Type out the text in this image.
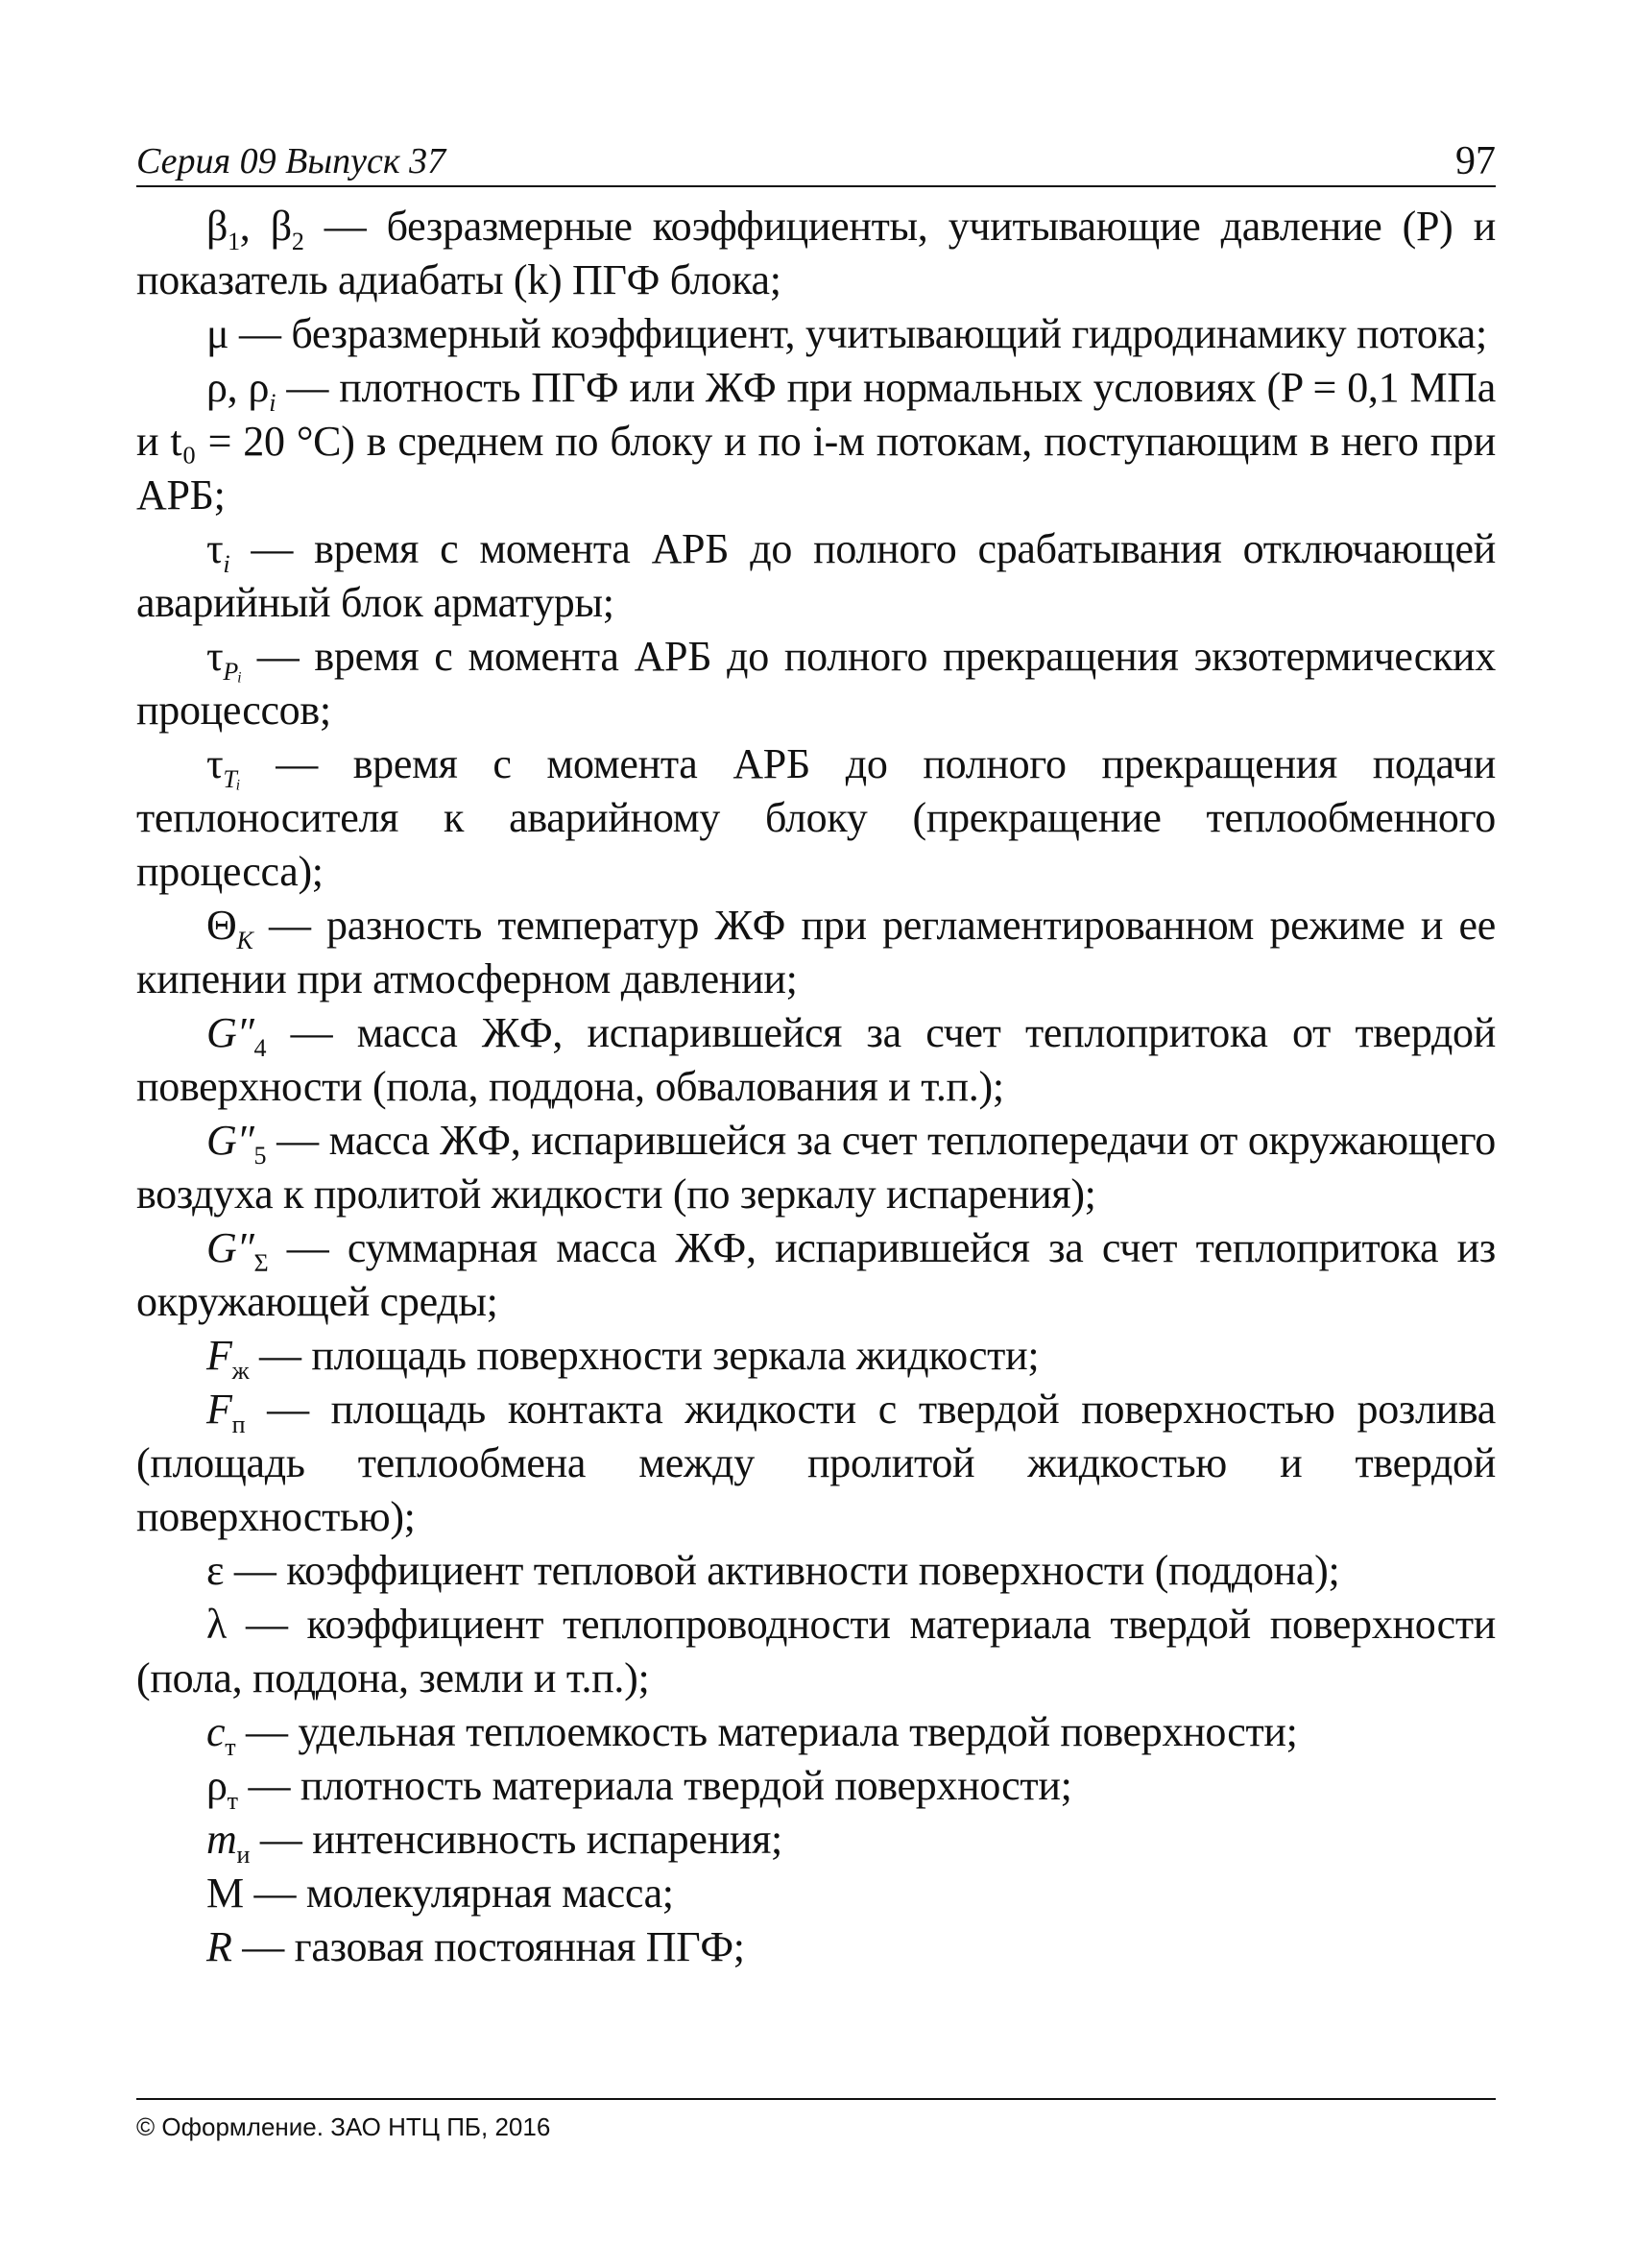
Серия 09 Выпуск 37	97

$\beta_1$, $\beta_2$ — безразмерные коэффициенты, учитывающие давление (P) и показатель адиабаты (k) ПГФ блока;

μ — безразмерный коэффициент, учитывающий гидродинамику потока;

ρ, $\rho_i$ — плотность ПГФ или ЖФ при нормальных условиях (P = 0,1 МПа и t₀ = 20 °С) в среднем по блоку и по i-м потокам, поступающим в него при АРБ;

$\tau_i$ — время с момента АРБ до полного срабатывания отключающей аварийный блок арматуры;

$\tau_{Pᵢ}$ — время с момента АРБ до полного прекращения экзотермических процессов;

$\tau_{Tᵢ}$ — время с момента АРБ до полного прекращения подачи теплоносителя к аварийному блоку (прекращение теплообменного процесса);

$\Theta_K$ — разность температур ЖФ при регламентированном режиме и ее кипении при атмосферном давлении;

$G''_4$ — масса ЖФ, испарившейся за счет теплопритока от твердой поверхности (пола, поддона, обвалования и т.п.);

$G''_5$ — масса ЖФ, испарившейся за счет теплопередачи от окружающего воздуха к пролитой жидкости (по зеркалу испарения);

$G''_\Sigma$ — суммарная масса ЖФ, испарившейся за счет теплопритока из окружающей среды;

$F_ж$ — площадь поверхности зеркала жидкости;

$F_п$ — площадь контакта жидкости с твердой поверхностью розлива (площадь теплообмена между пролитой жидкостью и твердой поверхностью);

ε — коэффициент тепловой активности поверхности (поддона);

λ — коэффициент теплопроводности материала твердой поверхности (пола, поддона, земли и т.п.);

$c_т$ — удельная теплоемкость материала твердой поверхности;

$\rho_т$ — плотность материала твердой поверхности;

$m_и$ — интенсивность испарения;

М — молекулярная масса;

R — газовая постоянная ПГФ;

© Оформление. ЗАО НТЦ ПБ, 2016
